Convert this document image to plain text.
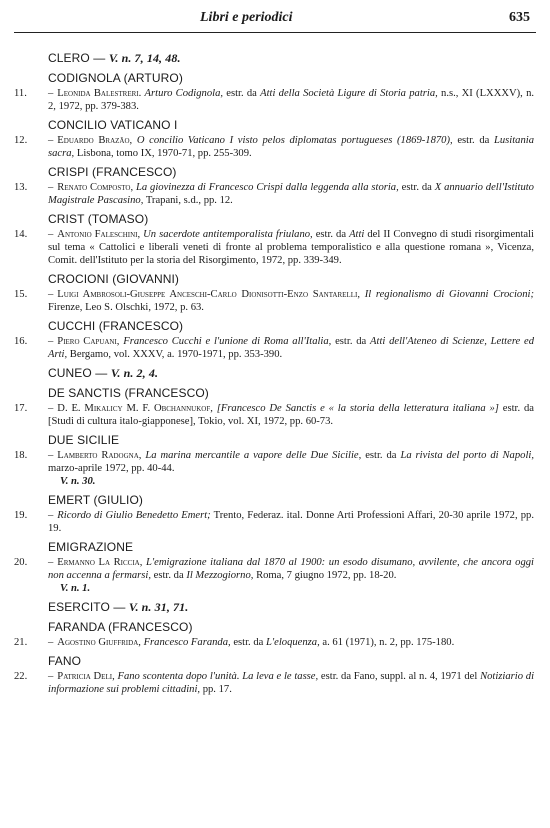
Libri e periodici	635
CLERO — V. n. 7, 14, 48.
CODIGNOLA (ARTURO)
11. – Leonida Balestreri. Arturo Codignola, estr. da Atti della Società Ligure di Storia patria, n.s., XI (LXXXV), n. 2, 1972, pp. 379-383.
CONCILIO VATICANO I
12. – Eduardo Brazão, O concilio Vaticano I visto pelos diplomatas portugueses (1869-1870), estr. da Lusitania sacra, Lisbona, tomo IX, 1970-71, pp. 255-309.
CRISPI (FRANCESCO)
13. – Renato Composto, La giovinezza di Francesco Crispi dalla leggenda alla storia, estr. da X annuario dell'Istituto Magistrale Pascasino, Trapani, s.d., pp. 12.
CRIST (TOMASO)
14. – Antonio Faleschini, Un sacerdote antitemporalista friulano, estr. da Atti del II Convegno di studi risorgimentali sul tema « Cattolici e liberali veneti di fronte al problema temporalistico e alla questione romana », Vicenza, Comit. dell'Istituto per la storia del Risorgimento, 1972, pp. 339-349.
CROCIONI (GIOVANNI)
15. – Luigi Ambrosoli-Giuseppe Anceschi-Carlo Dionisotti-Enzo Santarelli, Il regionalismo di Giovanni Crocioni; Firenze, Leo S. Olschki, 1972, p. 63.
CUCCHI (FRANCESCO)
16. – Piero Capuani, Francesco Cucchi e l'unione di Roma all'Italia, estr. da Atti dell'Ateneo di Scienze, Lettere ed Arti, Bergamo, vol. XXXV, a. 1970-1971, pp. 353-390.
CUNEO — V. n. 2, 4.
DE SANCTIS (FRANCESCO)
17. – D. E. Mikalicy M. F. Obchannukof, [Francesco De Sanctis e « la storia della letteratura italiana »] estr. da [Studi di cultura italo-giapponese], Tokio, vol. XI, 1972, pp. 60-73.
DUE SICILIE
18. – Lamberto Radogna, La marina mercantile a vapore delle Due Sicilie, estr. da La rivista del porto di Napoli, marzo-aprile 1972, pp. 40-44.
V. n. 30.
EMERT (GIULIO)
19. – Ricordo di Giulio Benedetto Emert; Trento, Federaz. ital. Donne Arti Professioni Affari, 20-30 aprile 1972, pp. 19.
EMIGRAZIONE
20. – Ermanno La Riccia, L'emigrazione italiana dal 1870 al 1900: un esodo disumano, avvilente, che ancora oggi non accenna a fermarsi, estr. da Il Mezzogiorno, Roma, 7 giugno 1972, pp. 18-20.
V. n. 1.
ESERCITO — V. n. 31, 71.
FARANDA (FRANCESCO)
21. – Agostino Giuffrida, Francesco Faranda, estr. da L'eloquenza, a. 61 (1971), n. 2, pp. 175-180.
FANO
22. – Patricia Deli, Fano scontenta dopo l'unità. La leva e le tasse, estr. da Fano, suppl. al n. 4, 1971 del Notiziario di informazione sui problemi cittadini, pp. 17.
